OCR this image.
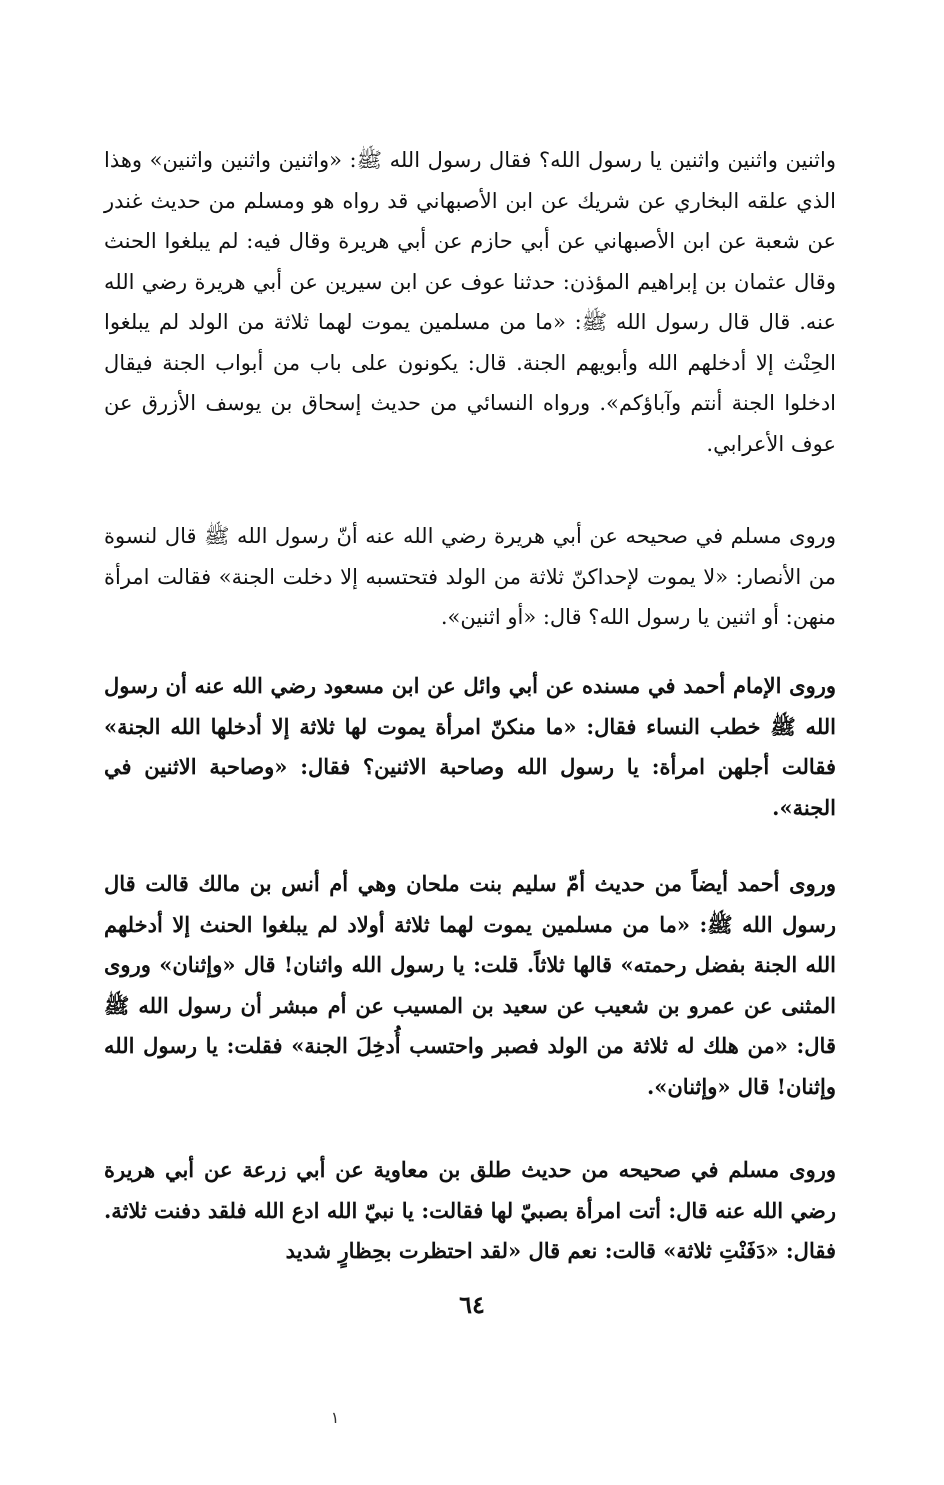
واثنين واثنين واثنين يا رسول الله؟ فقال رسول الله ﷺ: «واثنين واثنين واثنين» وهذا الذي علقه البخاري عن شريك عن ابن الأصبهاني قد رواه هو ومسلم من حديث غندر عن شعبة عن ابن الأصبهاني عن أبي حازم عن أبي هريرة وقال فيه: لم يبلغوا الحنث وقال عثمان بن إبراهيم المؤذن: حدثنا عوف عن ابن سيرين عن أبي هريرة رضي الله عنه. قال قال رسول الله ﷺ: «ما من مسلمين يموت لهما ثلاثة من الولد لم يبلغوا الحِنْث إلا أدخلهم الله وأبويهم الجنة. قال: يكونون على باب من أبواب الجنة فيقال ادخلوا الجنة أنتم وآباؤكم». ورواه النسائي من حديث إسحاق بن يوسف الأزرق عن عوف الأعرابي.

وروى مسلم في صحيحه عن أبي هريرة رضي الله عنه أنّ رسول الله ﷺ قال لنسوة من الأنصار: «لا يموت لإحداكنّ ثلاثة من الولد فتحتسبه إلا دخلت الجنة» فقالت امرأة منهن: أو اثنين يا رسول الله؟ قال: «أو اثنين».

وروى الإمام أحمد في مسنده عن أبي وائل عن ابن مسعود رضي الله عنه أن رسول الله ﷺ خطب النساء فقال: «ما منكنّ امرأة يموت لها ثلاثة إلا أدخلها الله الجنة» فقالت أجلهن امرأة: يا رسول الله وصاحبة الاثنين؟ فقال: «وصاحبة الاثنين في الجنة».

وروى أحمد أيضاً من حديث أمّ سليم بنت ملحان وهي أم أنس بن مالك قالت قال رسول الله ﷺ: «ما من مسلمين يموت لهما ثلاثة أولاد لم يبلغوا الحنث إلا أدخلهم الله الجنة بفضل رحمته» قالها ثلاثاً. قلت: يا رسول الله واثنان! قال «وإثنان» وروى المثنى عن عمرو بن شعيب عن سعيد بن المسيب عن أم مبشر أن رسول الله ﷺ قال: «من هلك له ثلاثة من الولد فصبر واحتسب أُدخِلَ الجنة» فقلت: يا رسول الله وإثنان! قال «وإثنان».

وروى مسلم في صحيحه من حديث طلق بن معاوية عن أبي زرعة عن أبي هريرة رضي الله عنه قال: أتت امرأة بصبيّ لها فقالت: يا نبيّ الله ادع الله فلقد دفنت ثلاثة. فقال: «دَفَنْتِ ثلاثة» قالت: نعم قال «لقد احتظرت بحِظارٍ شديد

٦٤
١
